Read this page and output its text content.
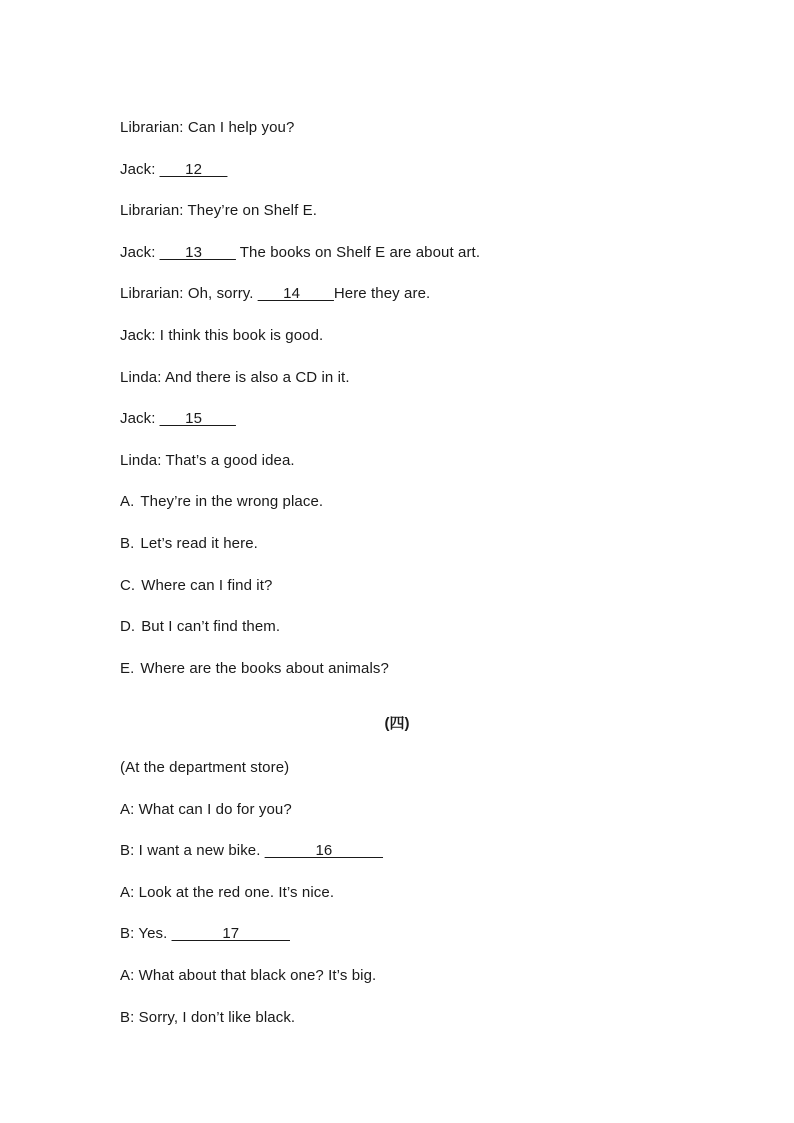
Librarian: Can I help you?
Jack: ___12___
Librarian: They’re on Shelf E.
Jack: ___13____ The books on Shelf E are about art.
Librarian: Oh, sorry. ___14____Here they are.
Jack: I think this book is good.
Linda: And there is also a CD in it.
Jack: ___15____
Linda: That’s a good idea.
A. They’re in the wrong place.
B. Let’s read it here.
C. Where can I find it?
D. But I can’t find them.
E. Where are the books about animals?
(四)
(At the department store)
A: What can I do for you?
B: I want a new bike. ______16______
A: Look at the red one. It’s nice.
B: Yes. ______17______
A: What about that black one? It’s big.
B: Sorry, I don’t like black.
